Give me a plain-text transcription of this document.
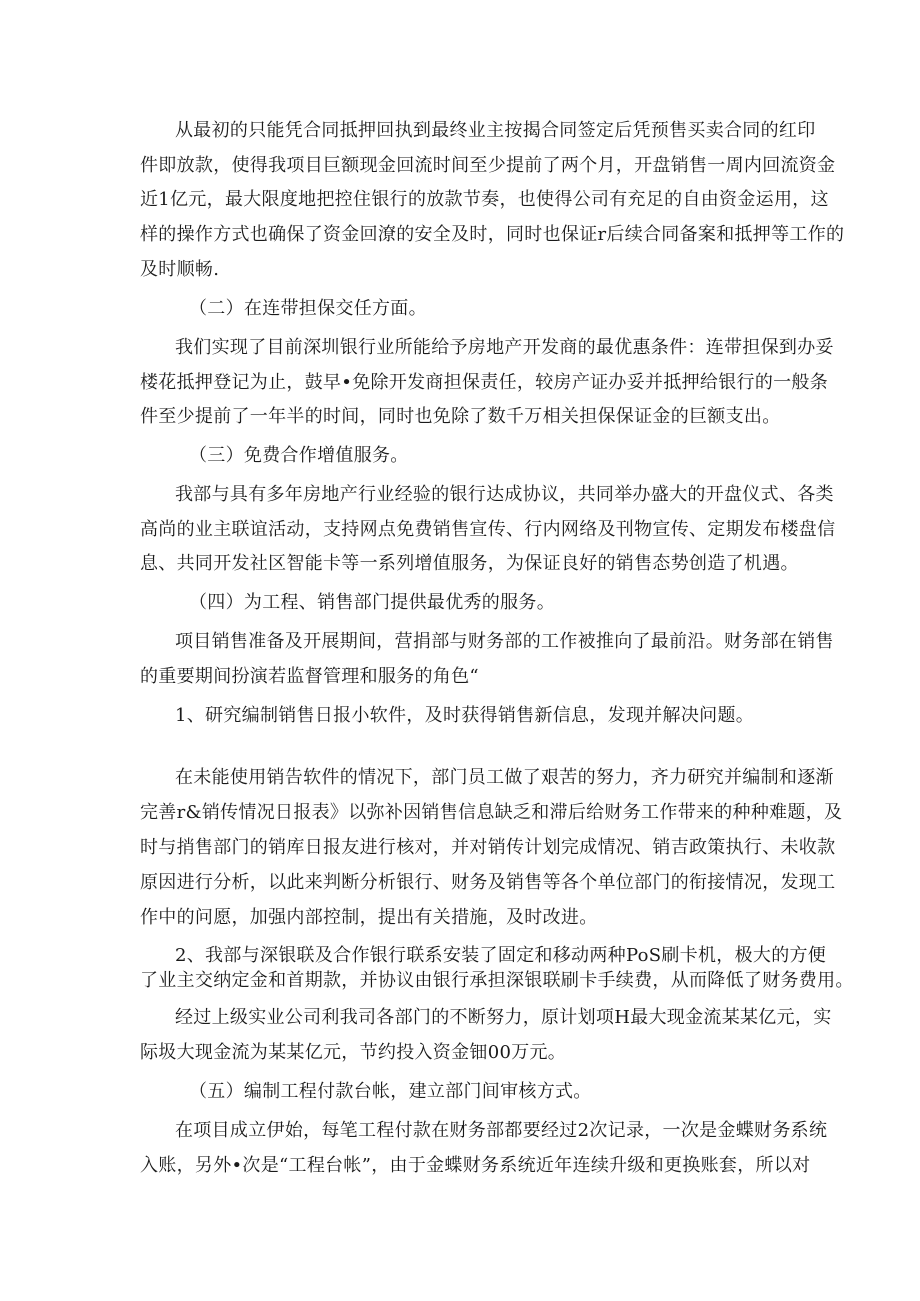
从最初的只能凭合同抵押回执到最终业主按揭合同签定后凭预售买卖合同的红印
件即放款，使得我项目巨额现金回流时间至少提前了两个月，开盘销售一周内回流资金
近1亿元，最大限度地把控住银行的放款节奏，也使得公司有充足的自由资金运用，这
样的操作方式也确保了资金回潦的安全及时，同时也保证r后续合同备案和抵押等工作的
及时顺畅.
（二）在连带担保交任方面。
我们实现了目前深圳银行业所能给予房地产开发商的最优惠条件：连带担保到办妥
楼花抵押登记为止，鼓早•免除开发商担保责任，较房产证办妥并抵押给银行的一般条
件至少提前了一年半的时间，同时也免除了数千万相关担保保证金的巨额支出。
（三）免费合作增值服务。
我部与具有多年房地产行业经验的银行达成协议，共同举办盛大的开盘仪式、各类
高尚的业主联谊活动，支持网点免费销售宣传、行内网络及刊物宣传、定期发布楼盘信
息、共同开发社区智能卡等一系列增值服务，为保证良好的销售态势创造了机遇。
（四）为工程、销售部门提供最优秀的服务。
项目销售准备及开展期间，营捐部与财务部的工作被推向了最前沿。财务部在销售
的重要期间扮演若监督管理和服务的角色“
1、研究编制销售日报小软件，及时获得销售新信息，发现并解决问题。
在未能使用销告软件的情况下，部门员工做了艰苦的努力，齐力研究并编制和逐渐
完善r&销传情况日报表》以弥补因销售信息缺乏和滞后给财务工作带来的种种难题，及
时与捎售部门的销库日报友进行核对，并对销传计划完成情况、销吉政策执行、未收款
原因进行分析，以此来判断分析银行、财务及销售等各个单位部门的衔接情况，发现工
作中的问愿，加强内部控制，提出有关措施，及时改进。
2、我部与深银联及合作银行联系安装了固定和移动两种PoS刷卡机，极大的方便
了业主交纳定金和首期款，并协议由银行承担深银联刷卡手续费，从而降低了财务费用。
经过上级实业公司利我司各部门的不断努力，原计划项H最大现金流某某亿元，实
际圾大现金流为某某亿元，节约投入资金钿00万元。
（五）编制工程付款台帐，建立部门间审核方式。
在项目成立伊始，每笔工程付款在财务部都要经过2次记录，一次是金蝶财务系统
入账，另外•次是“工程台帐”，由于金蝶财务系统近年连续升级和更换账套，所以对
